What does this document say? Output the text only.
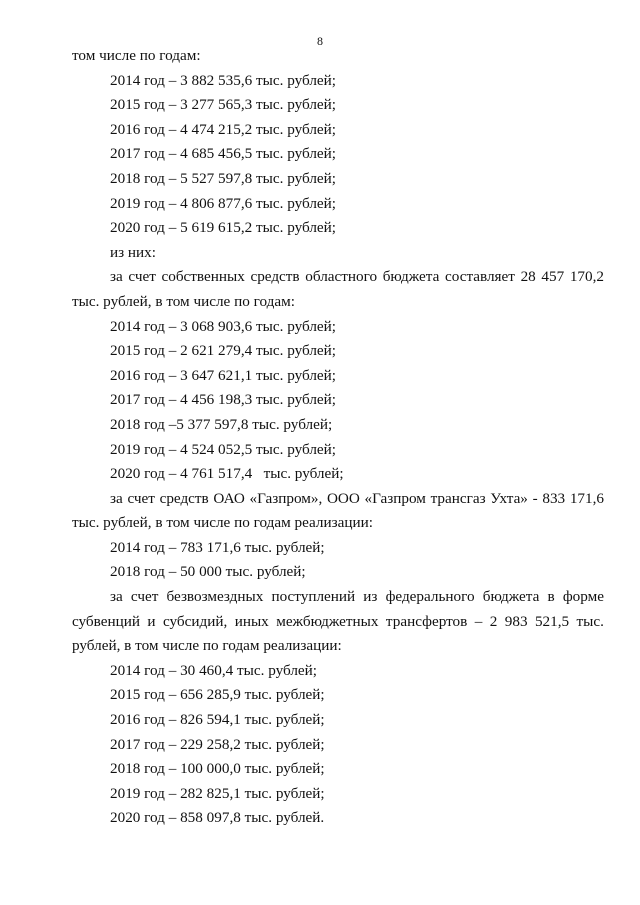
8
том числе по годам:
2014 год – 3 882 535,6 тыс. рублей;
2015 год – 3 277 565,3 тыс. рублей;
2016 год – 4 474 215,2 тыс. рублей;
2017 год – 4 685 456,5 тыс. рублей;
2018 год – 5 527 597,8 тыс. рублей;
2019 год – 4 806 877,6 тыс. рублей;
2020 год – 5 619 615,2 тыс. рублей;
из них:
за счет собственных средств областного бюджета составляет 28 457 170,2
тыс. рублей, в том числе по годам:
2014 год – 3 068 903,6 тыс. рублей;
2015 год – 2 621 279,4 тыс. рублей;
2016 год – 3 647 621,1 тыс. рублей;
2017 год – 4 456 198,3 тыс. рублей;
2018 год –5 377 597,8 тыс. рублей;
2019 год – 4 524 052,5 тыс. рублей;
2020 год – 4 761 517,4   тыс. рублей;
за счет средств ОАО «Газпром», ООО «Газпром трансгаз Ухта» - 833 171,6
тыс. рублей, в том числе по годам реализации:
2014 год – 783 171,6 тыс. рублей;
2018 год – 50 000 тыс. рублей;
за счет безвозмездных поступлений из федерального бюджета в форме
субвенций и субсидий, иных межбюджетных трансфертов – 2 983 521,5 тыс.
рублей, в том числе по годам реализации:
2014 год – 30 460,4 тыс. рублей;
2015 год – 656 285,9 тыс. рублей;
2016 год – 826 594,1 тыс. рублей;
2017 год – 229 258,2 тыс. рублей;
2018 год – 100 000,0 тыс. рублей;
2019 год – 282 825,1 тыс. рублей;
2020 год – 858 097,8 тыс. рублей.
